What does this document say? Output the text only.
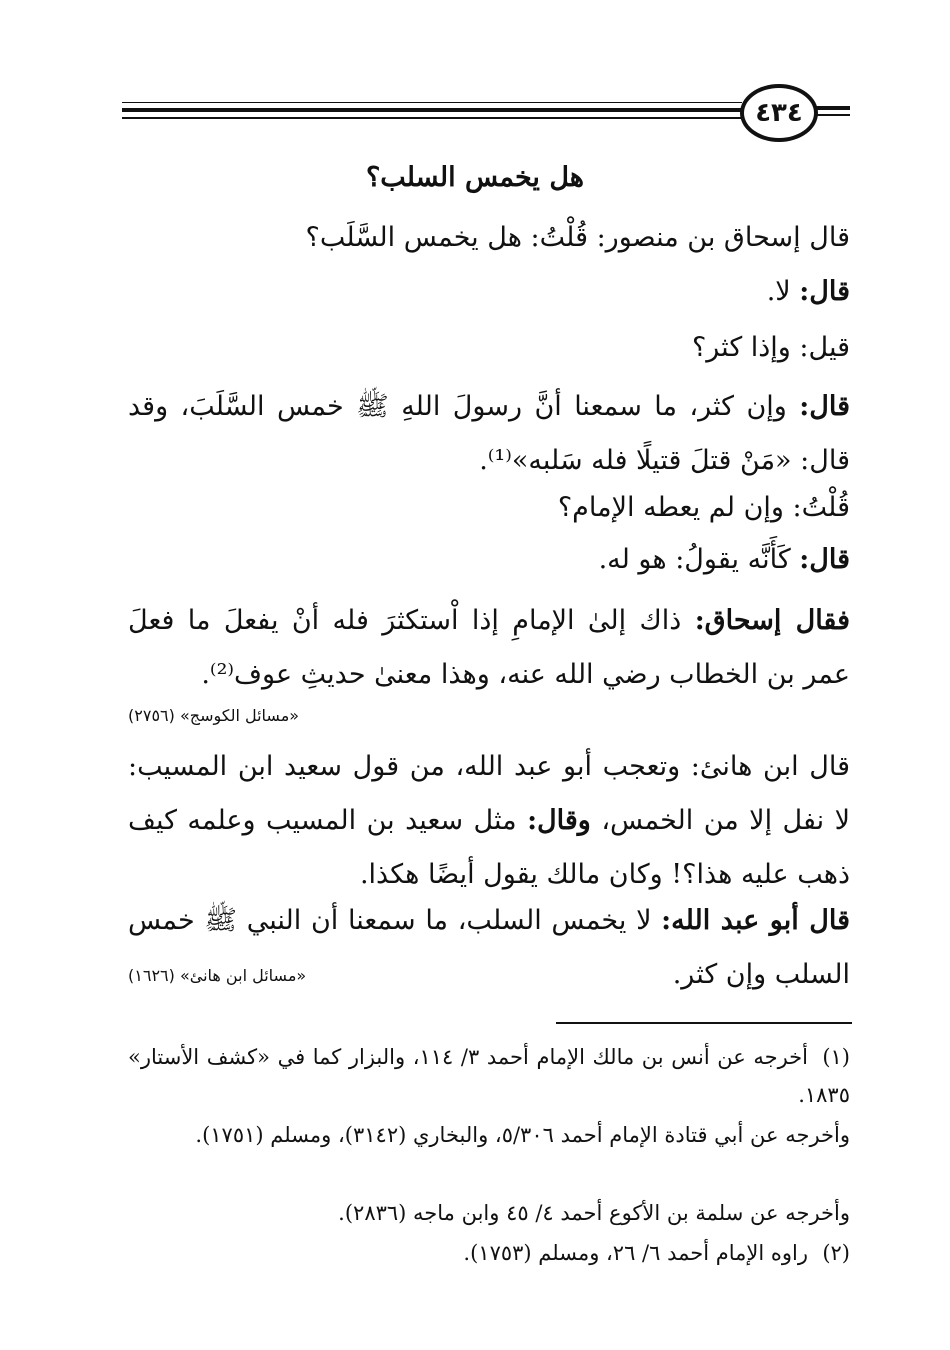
٤٣٤
هل يخمس السلب؟
قال إسحاق بن منصور: قُلْتُ: هل يخمس السَّلَب؟
قال: لا.
قيل: وإذا كثر؟
قال: وإن كثر، ما سمعنا أنَّ رسولَ اللهِ ﷺ خمس السَّلَبَ، وقد قال: «مَنْ قتلَ قتيلًا فله سَلبه»⁽¹⁾.
قُلْتُ: وإن لم يعطه الإمام؟
قال: كَأَنَّه يقولُ: هو له.
فقال إسحاق: ذاك إلىٰ الإمامِ إذا اْستكثرَ فله أنْ يفعلَ ما فعلَ عمر بن الخطاب رضي الله عنه، وهذا معنىٰ حديثِ عوف⁽²⁾.
«مسائل الكوسج» (٢٧٥٦)
قال ابن هانئ: وتعجب أبو عبد الله، من قول سعيد ابن المسيب: لا نفل إلا من الخمس، وقال: مثل سعيد بن المسيب وعلمه كيف ذهب عليه هذا؟! وكان مالك يقول أيضًا هكذا.
قال أبو عبد الله: لا يخمس السلب، ما سمعنا أن النبي ﷺ خمس السلب وإن كثر.
«مسائل ابن هانئ» (١٦٢٦)
(١)أخرجه عن أنس بن مالك الإمام أحمد ٣/ ١١٤، والبزار كما في «كشف الأستار» ١٨٣٥.
وأخرجه عن أبي قتادة الإمام أحمد ٥/٣٠٦، والبخاري (٣١٤٢)، ومسلم (١٧٥١).
وأخرجه عن سلمة بن الأكوع أحمد ٤/ ٤٥ وابن ماجه (٢٨٣٦).
(٢)راوه الإمام أحمد ٦/ ٢٦، ومسلم (١٧٥٣).
